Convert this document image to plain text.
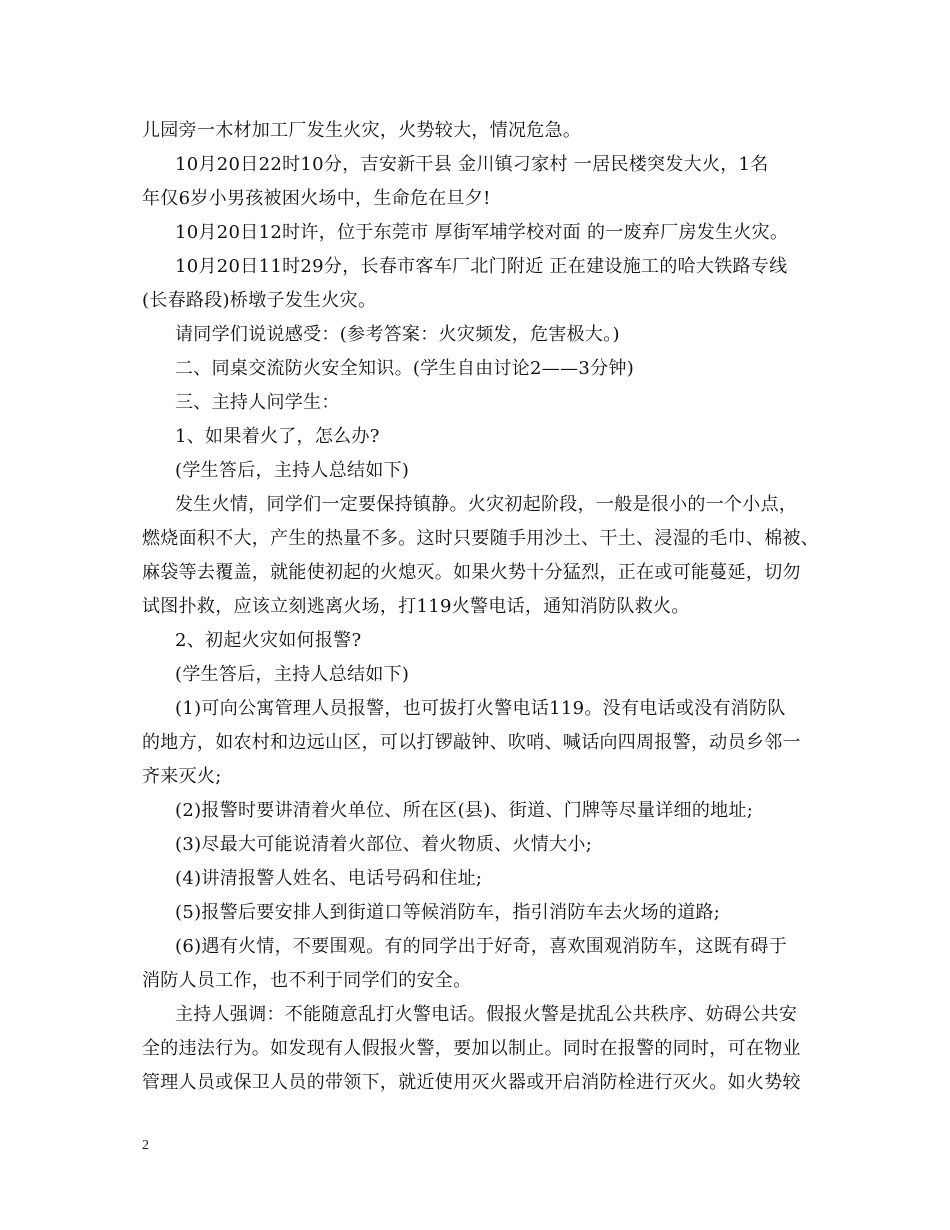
儿园旁一木材加工厂发生火灾，火势较大，情况危急。
10月20日22时10分，吉安新干县 金川镇刁家村 一居民楼突发大火，1名
年仅6岁小男孩被困火场中，生命危在旦夕!
10月20日12时许，位于东莞市 厚街军埔学校对面 的一废弃厂房发生火灾。
10月20日11时29分，长春市客车厂北门附近 正在建设施工的哈大铁路专线
(长春路段)桥墩子发生火灾。
请同学们说说感受：(参考答案：火灾频发，危害极大。)
二、同桌交流防火安全知识。(学生自由讨论2——3分钟)
三、主持人问学生：
1、如果着火了，怎么办?
(学生答后，主持人总结如下)
发生火情，同学们一定要保持镇静。火灾初起阶段，一般是很小的一个小点，
燃烧面积不大，产生的热量不多。这时只要随手用沙土、干土、浸湿的毛巾、棉被、
麻袋等去覆盖，就能使初起的火熄灭。如果火势十分猛烈，正在或可能蔓延，切勿
试图扑救，应该立刻逃离火场，打119火警电话，通知消防队救火。
2、初起火灾如何报警?
(学生答后，主持人总结如下)
(1)可向公寓管理人员报警，也可拔打火警电话119。没有电话或没有消防队
的地方，如农村和边远山区，可以打锣敲钟、吹哨、喊话向四周报警，动员乡邻一
齐来灭火;
(2)报警时要讲清着火单位、所在区(县)、街道、门牌等尽量详细的地址;
(3)尽最大可能说清着火部位、着火物质、火情大小;
(4)讲清报警人姓名、电话号码和住址;
(5)报警后要安排人到街道口等候消防车，指引消防车去火场的道路;
(6)遇有火情，不要围观。有的同学出于好奇，喜欢围观消防车，这既有碍于
消防人员工作，也不利于同学们的安全。
主持人强调：不能随意乱打火警电话。假报火警是扰乱公共秩序、妨碍公共安
全的违法行为。如发现有人假报火警，要加以制止。同时在报警的同时，可在物业
管理人员或保卫人员的带领下，就近使用灭火器或开启消防栓进行灭火。如火势较
2
